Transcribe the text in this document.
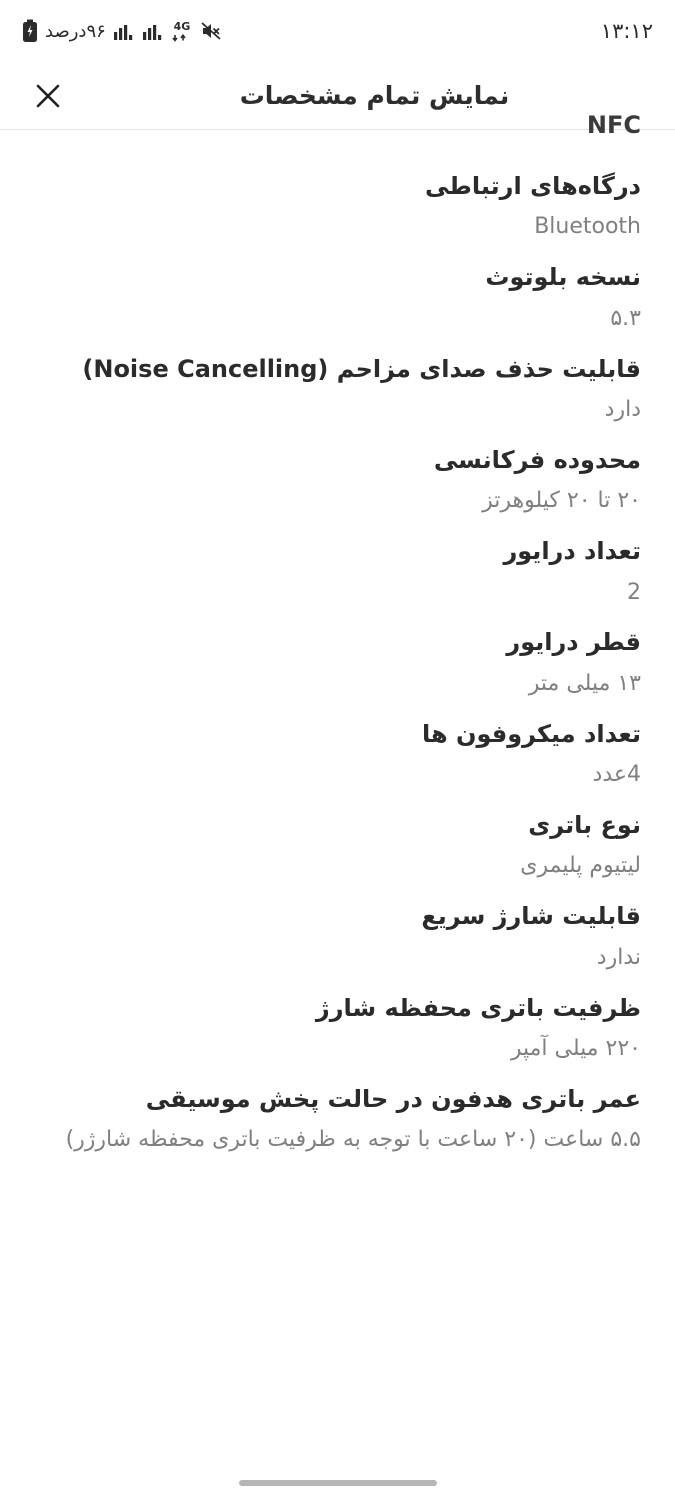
۹۶درصد	4G	۱۳:۱۲
نمایش تمام مشخصات
NFC
درگاه‌های ارتباطی
Bluetooth
نسخه بلوتوث
۵.۳
قابلیت حذف صدای مزاحم (Noise Cancelling)
دارد
محدوده فرکانسی
۲۰ تا ۲۰ کیلوهرتز
تعداد درایور
2
قطر درایور
۱۳ میلی متر
تعداد میکروفون ها
4عدد
نوع باتری
لیتیوم پلیمری
قابلیت شارژ سریع
ندارد
ظرفیت باتری محفظه شارژ
۲۲۰ میلی آمپر
عمر باتری هدفون در حالت پخش موسیقی
۵.۵ ساعت (۲۰ ساعت با توجه به ظرفیت باتری محفظه شارژر)
